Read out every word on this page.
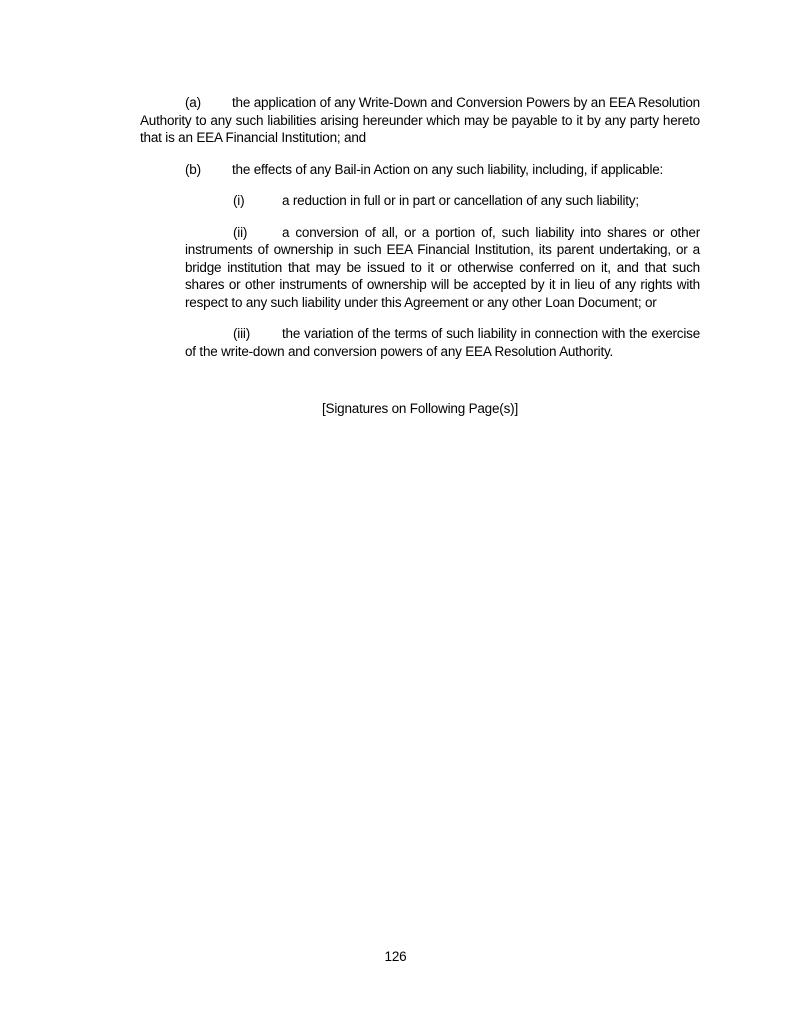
(a) the application of any Write-Down and Conversion Powers by an EEA Resolution Authority to any such liabilities arising hereunder which may be payable to it by any party hereto that is an EEA Financial Institution; and

(b) the effects of any Bail-in Action on any such liability, including, if applicable:

(i)	a reduction in full or in part or cancellation of any such liability;

(ii)	a conversion of all, or a portion of, such liability into shares or other instruments of ownership in such EEA Financial Institution, its parent undertaking, or a bridge institution that may be issued to it or otherwise conferred on it, and that such shares or other instruments of ownership will be accepted by it in lieu of any rights with respect to any such liability under this Agreement or any other Loan Document; or

(iii) the variation of the terms of such liability in connection with the exercise of the write-down and conversion powers of any EEA Resolution Authority.

[Signatures on Following Page(s)]

126
